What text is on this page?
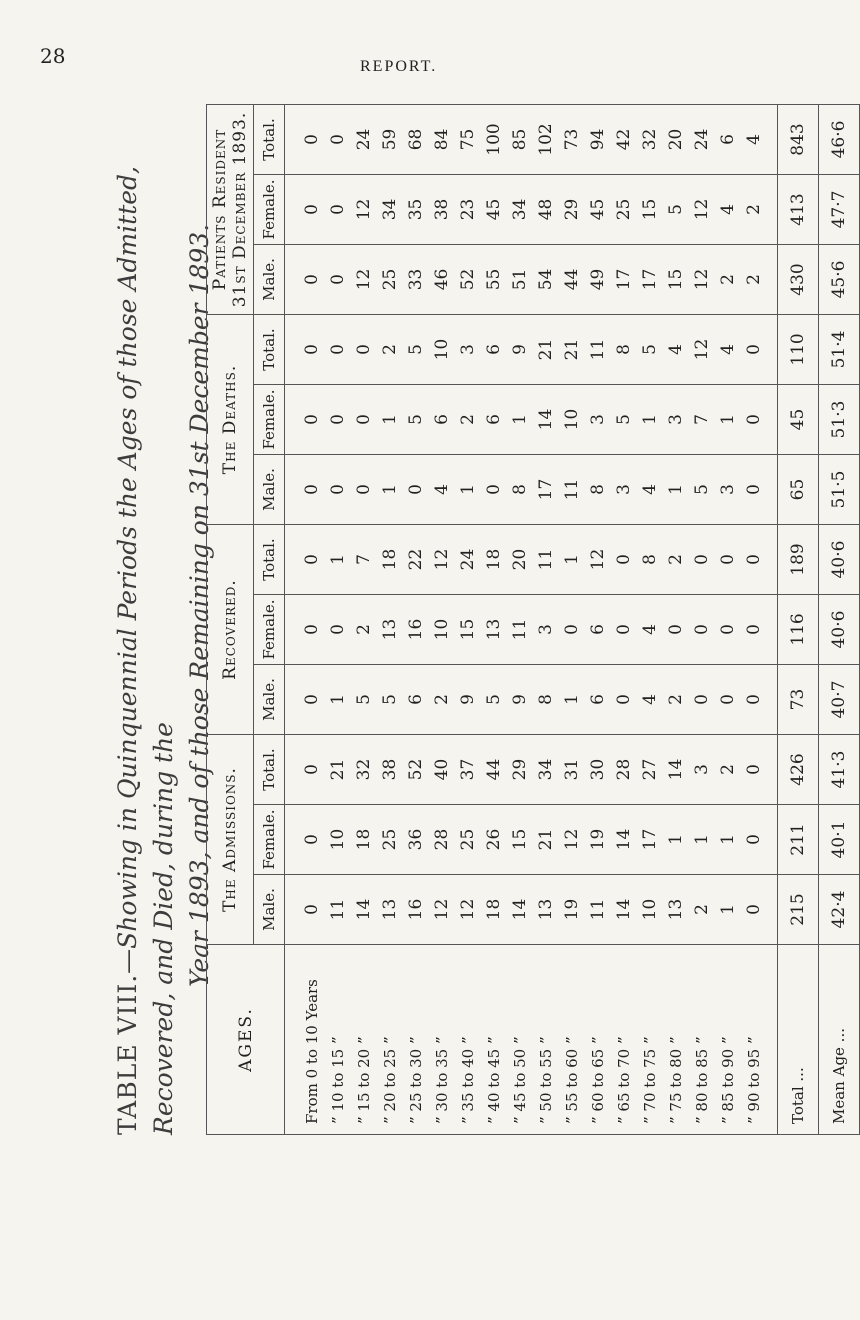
28	REPORT.
TABLE VIII.—Showing in Quinquennial Periods the Ages of those Admitted, Recovered, and Died, during the Year 1893, and of those Remaining on 31st December 1893.
AGES.	The Admissions.			Recovered.			The Deaths.			Patients Resident 31st December 1893.		
	Male.	Female.	Total.	Male.	Female.	Total.	Male.	Female.	Total.	Male.	Female.	Total.
From 0 to 10 Years	0	0	0	0	0	0	0	0	0	0	0	0
” 10 to 15 ”	11	10	21	1	0	1	0	0	0	0	0	0
” 15 to 20 ”	14	18	32	5	2	7	0	0	0	12	12	24
” 20 to 25 ”	13	25	38	5	13	18	1	1	2	25	34	59
” 25 to 30 ”	16	36	52	6	16	22	0	5	5	33	35	68
” 30 to 35 ”	12	28	40	2	10	12	4	6	10	46	38	84
” 35 to 40 ”	12	25	37	9	15	24	1	2	3	52	23	75
” 40 to 45 ”	18	26	44	5	13	18	0	6	6	55	45	100
” 45 to 50 ”	14	15	29	9	11	20	8	1	9	51	34	85
” 50 to 55 ”	13	21	34	8	3	11	17	14	21	54	48	102
” 55 to 60 ”	19	12	31	1	0	1	11	10	21	44	29	73
” 60 to 65 ”	11	19	30	6	6	12	8	3	11	49	45	94
” 65 to 70 ”	14	14	28	0	0	0	3	5	8	17	25	42
” 70 to 75 ”	10	17	27	4	4	8	4	1	5	17	15	32
” 75 to 80 ”	13	1	14	2	0	2	1	3	4	15	5	20
” 80 to 85 ”	2	1	3	0	0	0	5	7	12	12	12	24
” 85 to 90 ”	1	1	2	0	0	0	3	1	4	2	4	6
” 90 to 95 ”	0	0	0	0	0	0	0	0	0	2	2	4
Total ...	215	211	426	73	116	189	65	45	110	430	413	843
Mean Age ...	42·4	40·1	41·3	40·7	40·6	40·6	51·5	51·3	51·4	45·6	47·7	46·6
